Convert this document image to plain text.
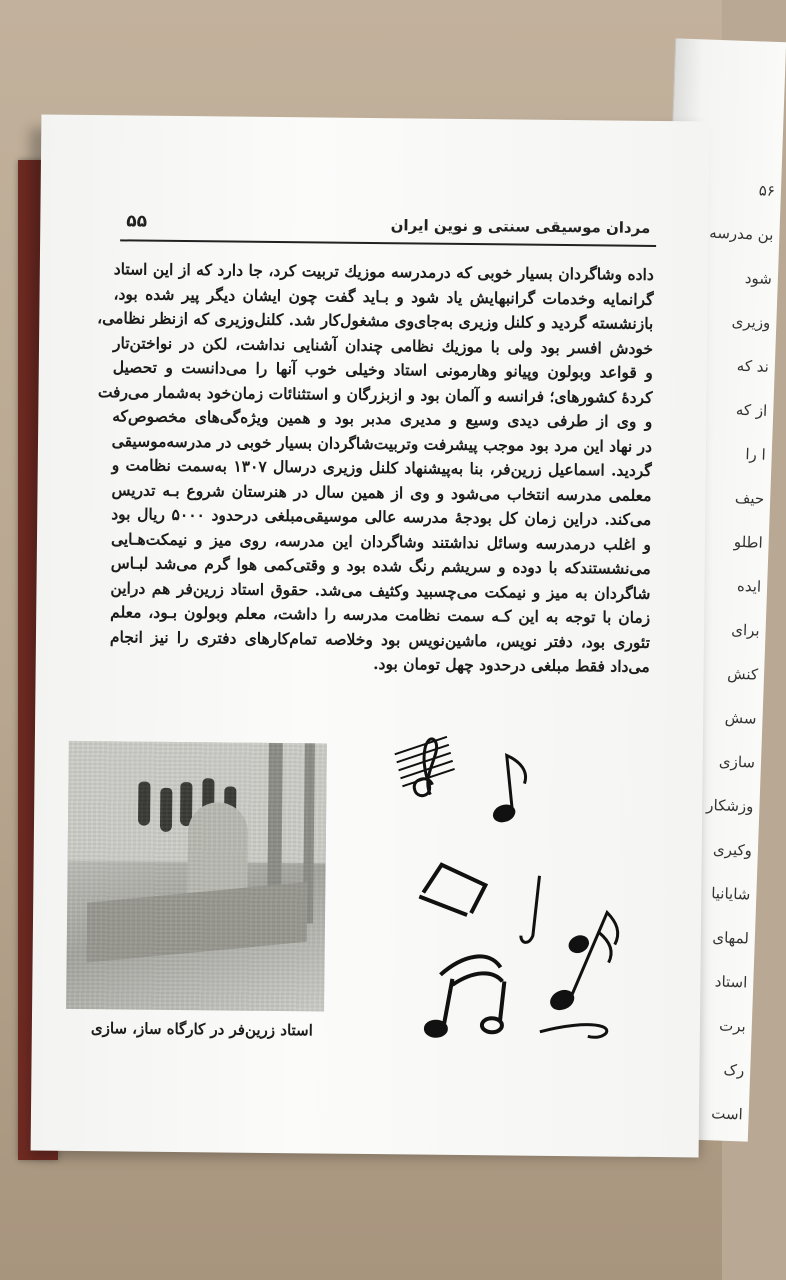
۵۶
بن مدرسه
شود
وزیری
ند که
از که
ا را
حیف
اطلو
ایده
برای
کنش
سش
سازی
وزشکار
وکیری
شایانیا
لمهای
استاد
برت
رک
است
۵۵	مردان موسیقی سنتی و نوین ایران
داده وشاگردان بسیار خوبی که درمدرسه موزیك تربیت کرد، جا دارد که از این استاد
گرانمایه وخدمات گرانبهایش یاد شود و بـاید گفت چون ایشان دیگر پیر شده بود،
بازنشسته گردید و کلنل وزیری به‌جای‌وی مشغول‌کار شد. کلنل‌وزیری که ازنظر نظامی،
خودش افسر بود ولی با موزیك نظامی چندان آشنایی نداشت، لکن در نواختن‌تار
و قواعد وبولون وپیانو وهارمونی استاد وخیلی خوب آنها را می‌دانست و تحصیل
کردهٔ کشورهای؛ فرانسه و آلمان بود و ازبزرگان و استثنائات زمان‌خود به‌شمار می‌رفت
و وی از طرفی دیدی وسیع و مدیری مدبر بود و همین ویژه‌گی‌های مخصوص‌که
در نهاد این مرد بود موجب پیشرفت وتربیت‌شاگردان بسیار خوبی در مدرسه‌موسیقی
گردید. اسماعیل زرین‌فر، بنا به‌پیشنهاد کلنل وزیری درسال ۱۳۰۷ به‌سمت نظامت و
معلمی مدرسه انتخاب می‌شود و وی از همین سال در هنرستان شروع بـه تدریس
می‌کند. دراین زمان کل بودجهٔ مدرسه عالی موسیقی‌مبلغی درحدود ۵۰۰۰ ریال بود
و اغلب درمدرسه وسائل نداشتند وشاگردان این مدرسه، روی میز و نیمکت‌هـایی
می‌نشستندکه با دوده و سریشم رنگ شده بود و وقتی‌کمی هوا گرم می‌شد لبـاس
شاگردان به میز و نیمکت می‌چسبید وکثیف می‌شد. حقوق استاد زرین‌فر هم دراین
زمان با توجه به این کـه سمت نظامت مدرسه را داشت، معلم وبولون بـود، معلم
تئوری بود، دفتر نویس، ماشین‌نویس بود وخلاصه تمام‌کارهای دفتری را نیز انجام
می‌داد فقط مبلغی درحدود چهل تومان بود.
استاد زرین‌فر در کارگاه ساز، سازی
